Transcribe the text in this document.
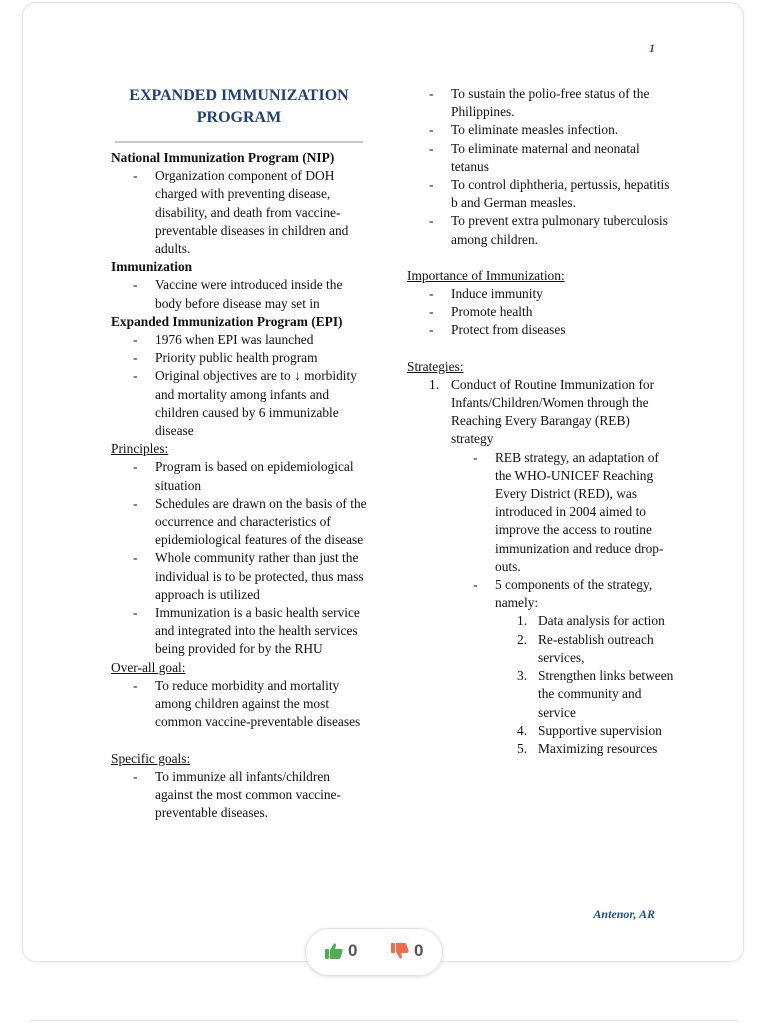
1
EXPANDED IMMUNIZATION PROGRAM
National Immunization Program (NIP)
- Organization component of DOH charged with preventing disease, disability, and death from vaccine-preventable diseases in children and adults.
Immunization
- Vaccine were introduced inside the body before disease may set in
Expanded Immunization Program (EPI)
- 1976 when EPI was launched
- Priority public health program
- Original objectives are to ↓ morbidity and mortality among infants and children caused by 6 immunizable disease
Principles:
- Program is based on epidemiological situation
- Schedules are drawn on the basis of the occurrence and characteristics of epidemiological features of the disease
- Whole community rather than just the individual is to be protected, thus mass approach is utilized
- Immunization is a basic health service and integrated into the health services being provided for by the RHU
Over-all goal:
- To reduce morbidity and mortality among children against the most common vaccine-preventable diseases
Specific goals:
- To immunize all infants/children against the most common vaccine-preventable diseases.
- To sustain the polio-free status of the Philippines.
- To eliminate measles infection.
- To eliminate maternal and neonatal tetanus
- To control diphtheria, pertussis, hepatitis b and German measles.
- To prevent extra pulmonary tuberculosis among children.
Importance of Immunization:
- Induce immunity
- Promote health
- Protect from diseases
Strategies:
1. Conduct of Routine Immunization for Infants/Children/Women through the Reaching Every Barangay (REB) strategy
- REB strategy, an adaptation of the WHO-UNICEF Reaching Every District (RED), was introduced in 2004 aimed to improve the access to routine immunization and reduce drop-outs.
- 5 components of the strategy, namely:
1. Data analysis for action
2. Re-establish outreach services,
3. Strengthen links between the community and service
4. Supportive supervision
5. Maximizing resources
Antenor, AR
0	0
